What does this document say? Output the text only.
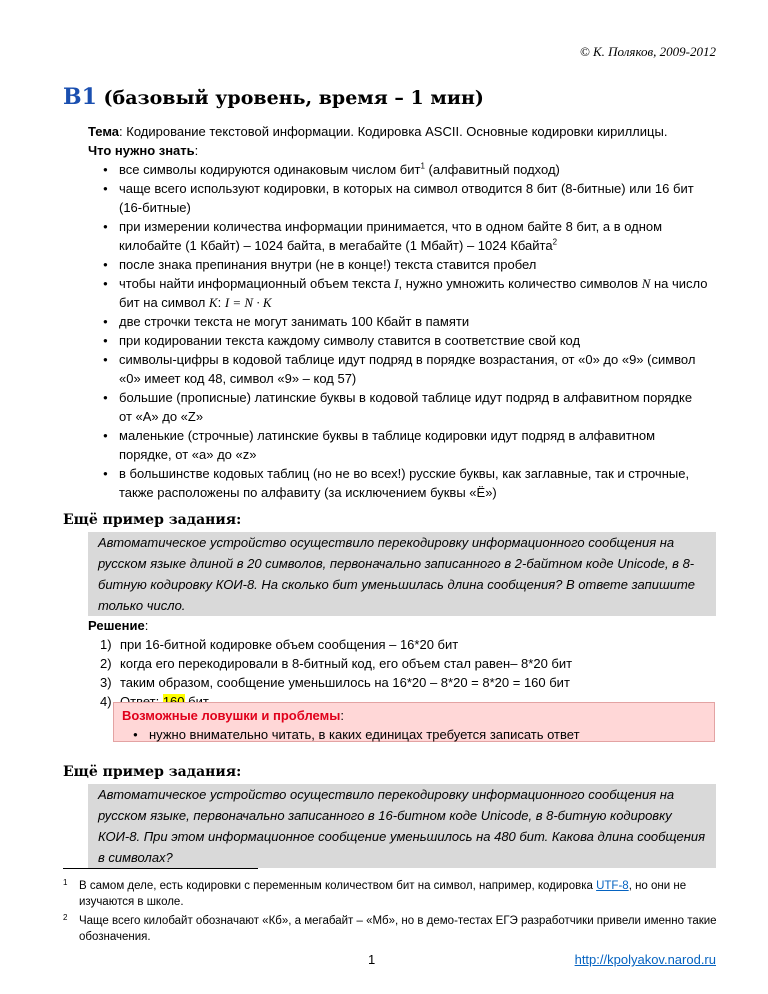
© К. Поляков, 2009-2012
B1 (базовый уровень, время – 1 мин)

Тема: Кодирование текстовой информации. Кодировка ASCII. Основные кодировки кириллицы.

Что нужно знать:

● все символы кодируются одинаковым числом бит$^1$ (алфавитный подход)
● чаще всего используют кодировки, в которых на символ отводится 8 бит (8-битные) или 16 бит (16-битные)
● при измерении количества информации принимается, что в одном байте 8 бит, а в одном килобайте (1 Кбайт) – 1024 байта, в мегабайте (1 Мбайт) – 1024 Кбайта$^2$
● после знака препинания внутри (не в конце!) текста ставится пробел
● чтобы найти информационный объем текста I, нужно умножить количество символов N на число бит на символ K: I = N · K
● две строчки текста не могут занимать 100 Кбайт в памяти
● при кодировании текста каждому символу ставится в соответствие свой код
● символы-цифры в кодовой таблице идут подряд в порядке возрастания, от «0» до «9» (символ «0» имеет код 48, символ «9» – код 57)
● большие (прописные) латинские буквы в кодовой таблице идут подряд в алфавитном порядке от «A» до «Z»
● маленькие (строчные) латинские буквы в таблице кодировки идут подряд в алфавитном порядке, от «a» до «z»
● в большинстве кодовых таблиц (но не во всех!) русские буквы, как заглавные, так и строчные, также расположены по алфавиту (за исключением буквы «Ё»)
Ещё пример задания:
Автоматическое устройство осуществило перекодировку информационного сообщения на русском языке длиной в 20 символов, первоначально записанного в 2-байтном коде Unicode, в 8-битную кодировку КОИ-8. На сколько бит уменьшилась длина сообщения? В ответе запишите только число.
Решение:
1) при 16-битной кодировке объем сообщения – 16*20 бит
2) когда его перекодировали в 8-битный код, его объем стал равен– 8*20 бит
3) таким образом, сообщение уменьшилось на 16*20 – 8*20 = 8*20 = 160 бит
4)
Возможные ловушки и проблемы:
● нужно внимательно читать, в каких единицах требуется записать ответ
Ещё пример задания:
Автоматическое устройство осуществило перекодировку информационного сообщения на русском языке, первоначально записанного в 16-битном коде Unicode, в 8-битную кодировку КОИ-8. При этом информационное сообщение уменьшилось на 480 бит. Какова длина сообщения в символах?
1	В самом деле, есть кодировки с переменным количеством бит на символ, например, кодировка UTF-8, но они не изучаются в школе.
2	Чаще всего килобайт обозначают «Кб», а мегабайт – «Мб», но в демо-тестах ЕГЭ разработчики привели именно такие обозначения.
1	http://kpolyakov.narod.ru
